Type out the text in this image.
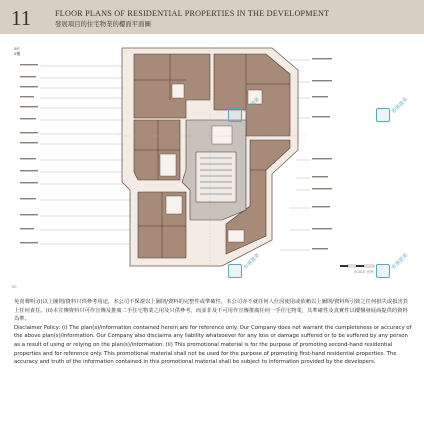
11	FLOOR PLANS OF RESIDENTIAL PROPERTIES IN THE DEVELOPMENT
發展項目的住宅物業的樓面平面圖
5/F
5樓
香港置業	香港置業
香港置業	香港置業
SCALE 比例
20

免責聲明:(i)以上圖則/資料只供參考用途，本公司不保證以上圖則/資料的完整性或準確性，本公司亦不就任何人仕因使用或依賴以上圖則/資料所引致之任何損失或損害負上任何責任。(ii)本宣傳資料只可作宣傳及推廣二手住宅物業之用及只供參考，而並非及不可用作宣傳推廣任何一手住宅物業，其準確性及真實性以樓盤發展商提供的資料為準。

Disclaimer Policy: (i) The plan(s)/information contained herein are for reference only. Our Company does not warrant the completeness or accuracy of the above plan(s)/information. Our Company also disclaims any liability whatsoever for any loss or damage suffered or to be suffered by any person as a result of using or relying on the plan(s)/information. (ii) This promotional material is for the purpose of promoting second-hand residential properties and for reference only. This promotional material shall not be used for the purpose of promoting first-hand residential properties. The accuracy and truth of the information contained in this promotional material shall be subject to information provided by the developers.
